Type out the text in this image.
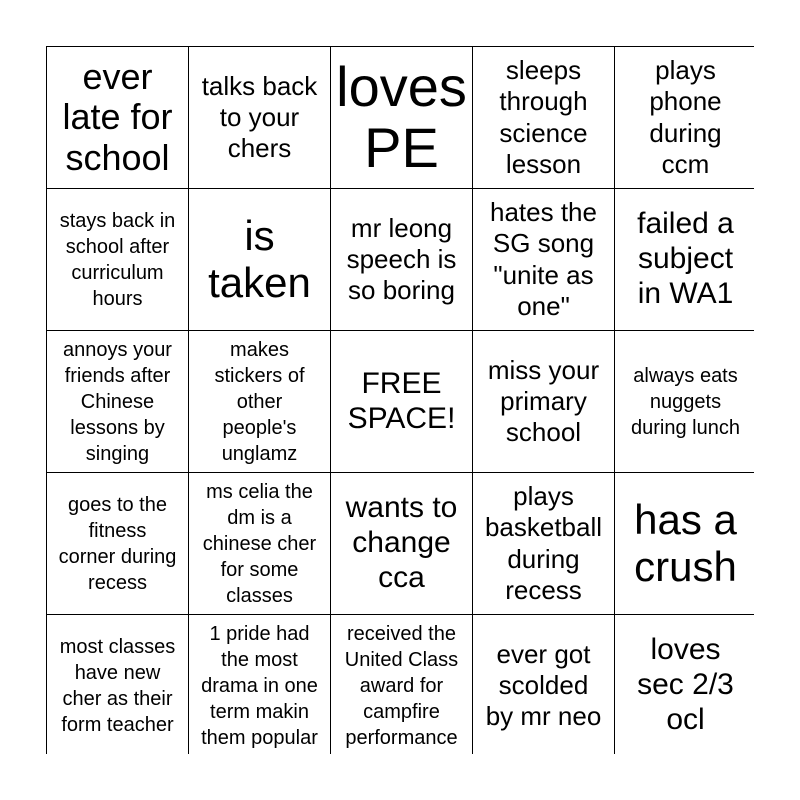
ever
late for
school
talks back
to your
chers
loves
PE
sleeps
through
science
lesson
plays
phone
during
ccm
stays back in
school after
curriculum
hours
is
taken
mr leong
speech is
so boring
hates the
SG song
"unite as
one"
failed a
subject
in WA1
annoys your
friends after
Chinese
lessons by
singing
makes
stickers of
other
people's
unglamz
FREE
SPACE!
miss your
primary
school
always eats
nuggets
during lunch
goes to the
fitness
corner during
recess
ms celia the
dm is a
chinese cher
for some
classes
wants to
change
cca
plays
basketball
during
recess
has a
crush
most classes
have new
cher as their
form teacher
1 pride had
the most
drama in one
term makin
them popular
received the
United Class
award for
campfire
performance
ever got
scolded
by mr neo
loves
sec 2/3
ocl
